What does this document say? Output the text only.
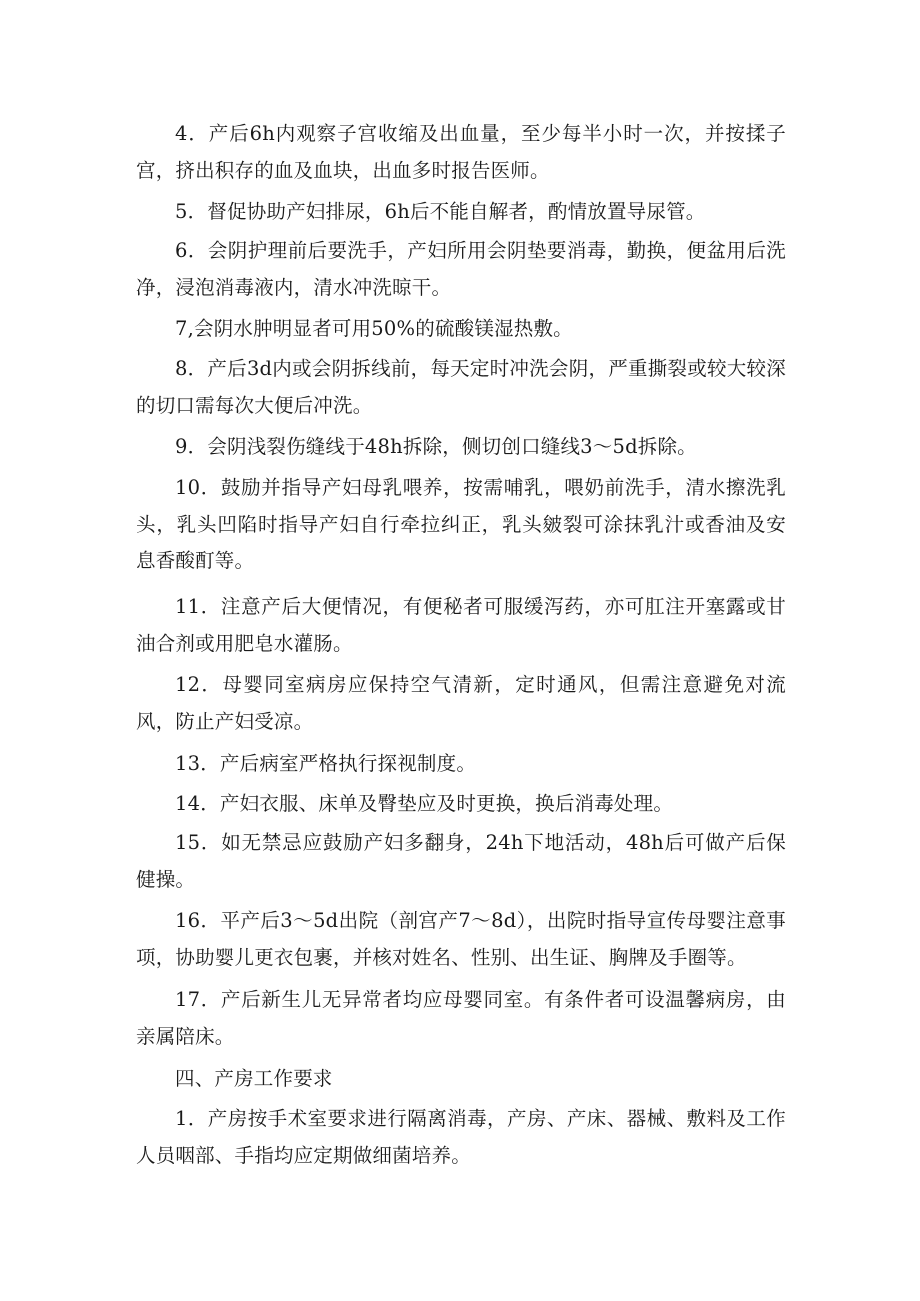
4．产后6h内观察子宫收缩及出血量，至少每半小时一次，并按揉子宫，挤出积存的血及血块，出血多时报告医师。

5．督促协助产妇排尿，6h后不能自解者，酌情放置导尿管。

6．会阴护理前后要洗手，产妇所用会阴垫要消毒，勤换，便盆用后洗净，浸泡消毒液内，清水冲洗晾干。

7,会阴水肿明显者可用50%的硫酸镁湿热敷。

8．产后3d内或会阴拆线前，每天定时冲洗会阴，严重撕裂或较大较深的切口需每次大便后冲洗。

9．会阴浅裂伤缝线于48h拆除，侧切创口缝线3～5d拆除。

10．鼓励并指导产妇母乳喂养，按需哺乳，喂奶前洗手，清水擦洗乳头，乳头凹陷时指导产妇自行牵拉纠正，乳头皴裂可涂抹乳汁或香油及安息香酸酊等。

11．注意产后大便情况，有便秘者可服缓泻药，亦可肛注开塞露或甘油合剂或用肥皂水灌肠。

12．母婴同室病房应保持空气清新，定时通风，但需注意避免对流风，防止产妇受凉。

13．产后病室严格执行探视制度。

14．产妇衣服、床单及臀垫应及时更换，换后消毒处理。

15．如无禁忌应鼓励产妇多翻身，24h下地活动，48h后可做产后保健操。

16．平产后3～5d出院（剖宫产7～8d），出院时指导宣传母婴注意事项，协助婴儿更衣包裹，并核对姓名、性别、出生证、胸牌及手圈等。

17．产后新生儿无异常者均应母婴同室。有条件者可设温馨病房，由亲属陪床。

四、产房工作要求

1．产房按手术室要求进行隔离消毒，产房、产床、器械、敷料及工作人员咽部、手指均应定期做细菌培养。
